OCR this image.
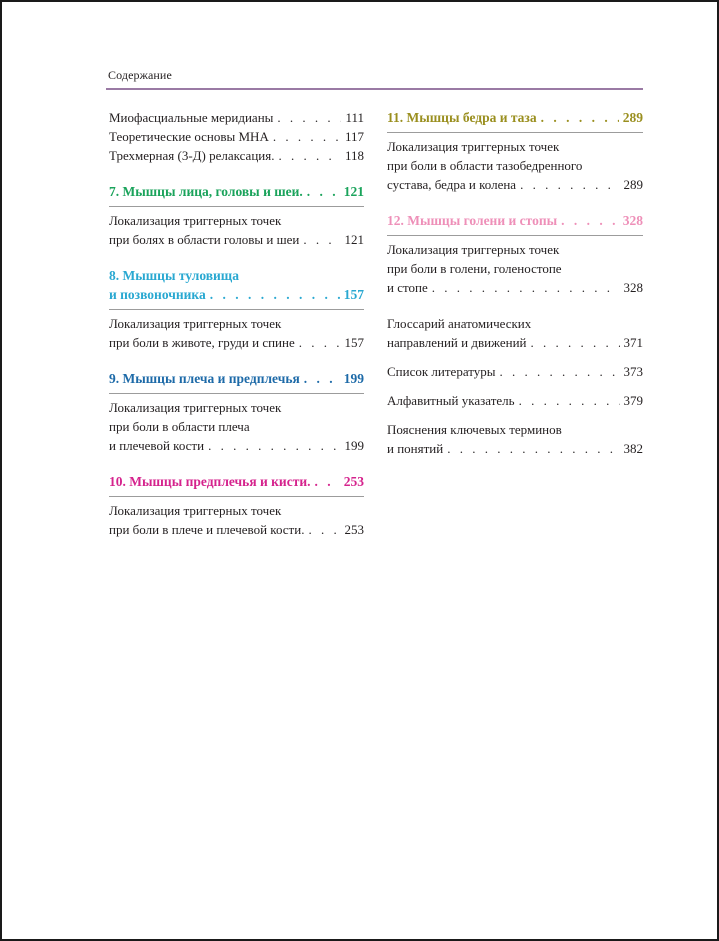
Содержание
Миофасциальные меридианы . . .	111
Теоретические основы МНА . . .	117
Трехмерная (3-Д) релаксация. . . .	118
7. Мышцы лица, головы и шеи. . . .	121
Локализация триггерных точек
при болях в области головы и шеи . . .	121
8. Мышцы туловища
и позвоночника . . .	157
Локализация триггерных точек
при боли в животе, груди и спине . . .	157
9. Мышцы плеча и предплечья . . .	199
Локализация триггерных точек
при боли в области плеча
и плечевой кости . . .	199
10. Мышцы предплечья и кисти. . . . 253
Локализация триггерных точек
при боли в плече и плечевой кости. . . .	253
11. Мышцы бедра и таза . . .	289
Локализация триггерных точек
при боли в области тазобедренного
сустава, бедра и колена . . .	289
12. Мышцы голени и стопы . . .	328
Локализация триггерных точек
при боли в голени, голеностопе
и стопе . . .	328
Глоссарий анатомических
направлений и движений . . .	371
Список литературы . . .	373
Алфавитный указатель . . .	379
Пояснения ключевых терминов
и понятий . . .	382
